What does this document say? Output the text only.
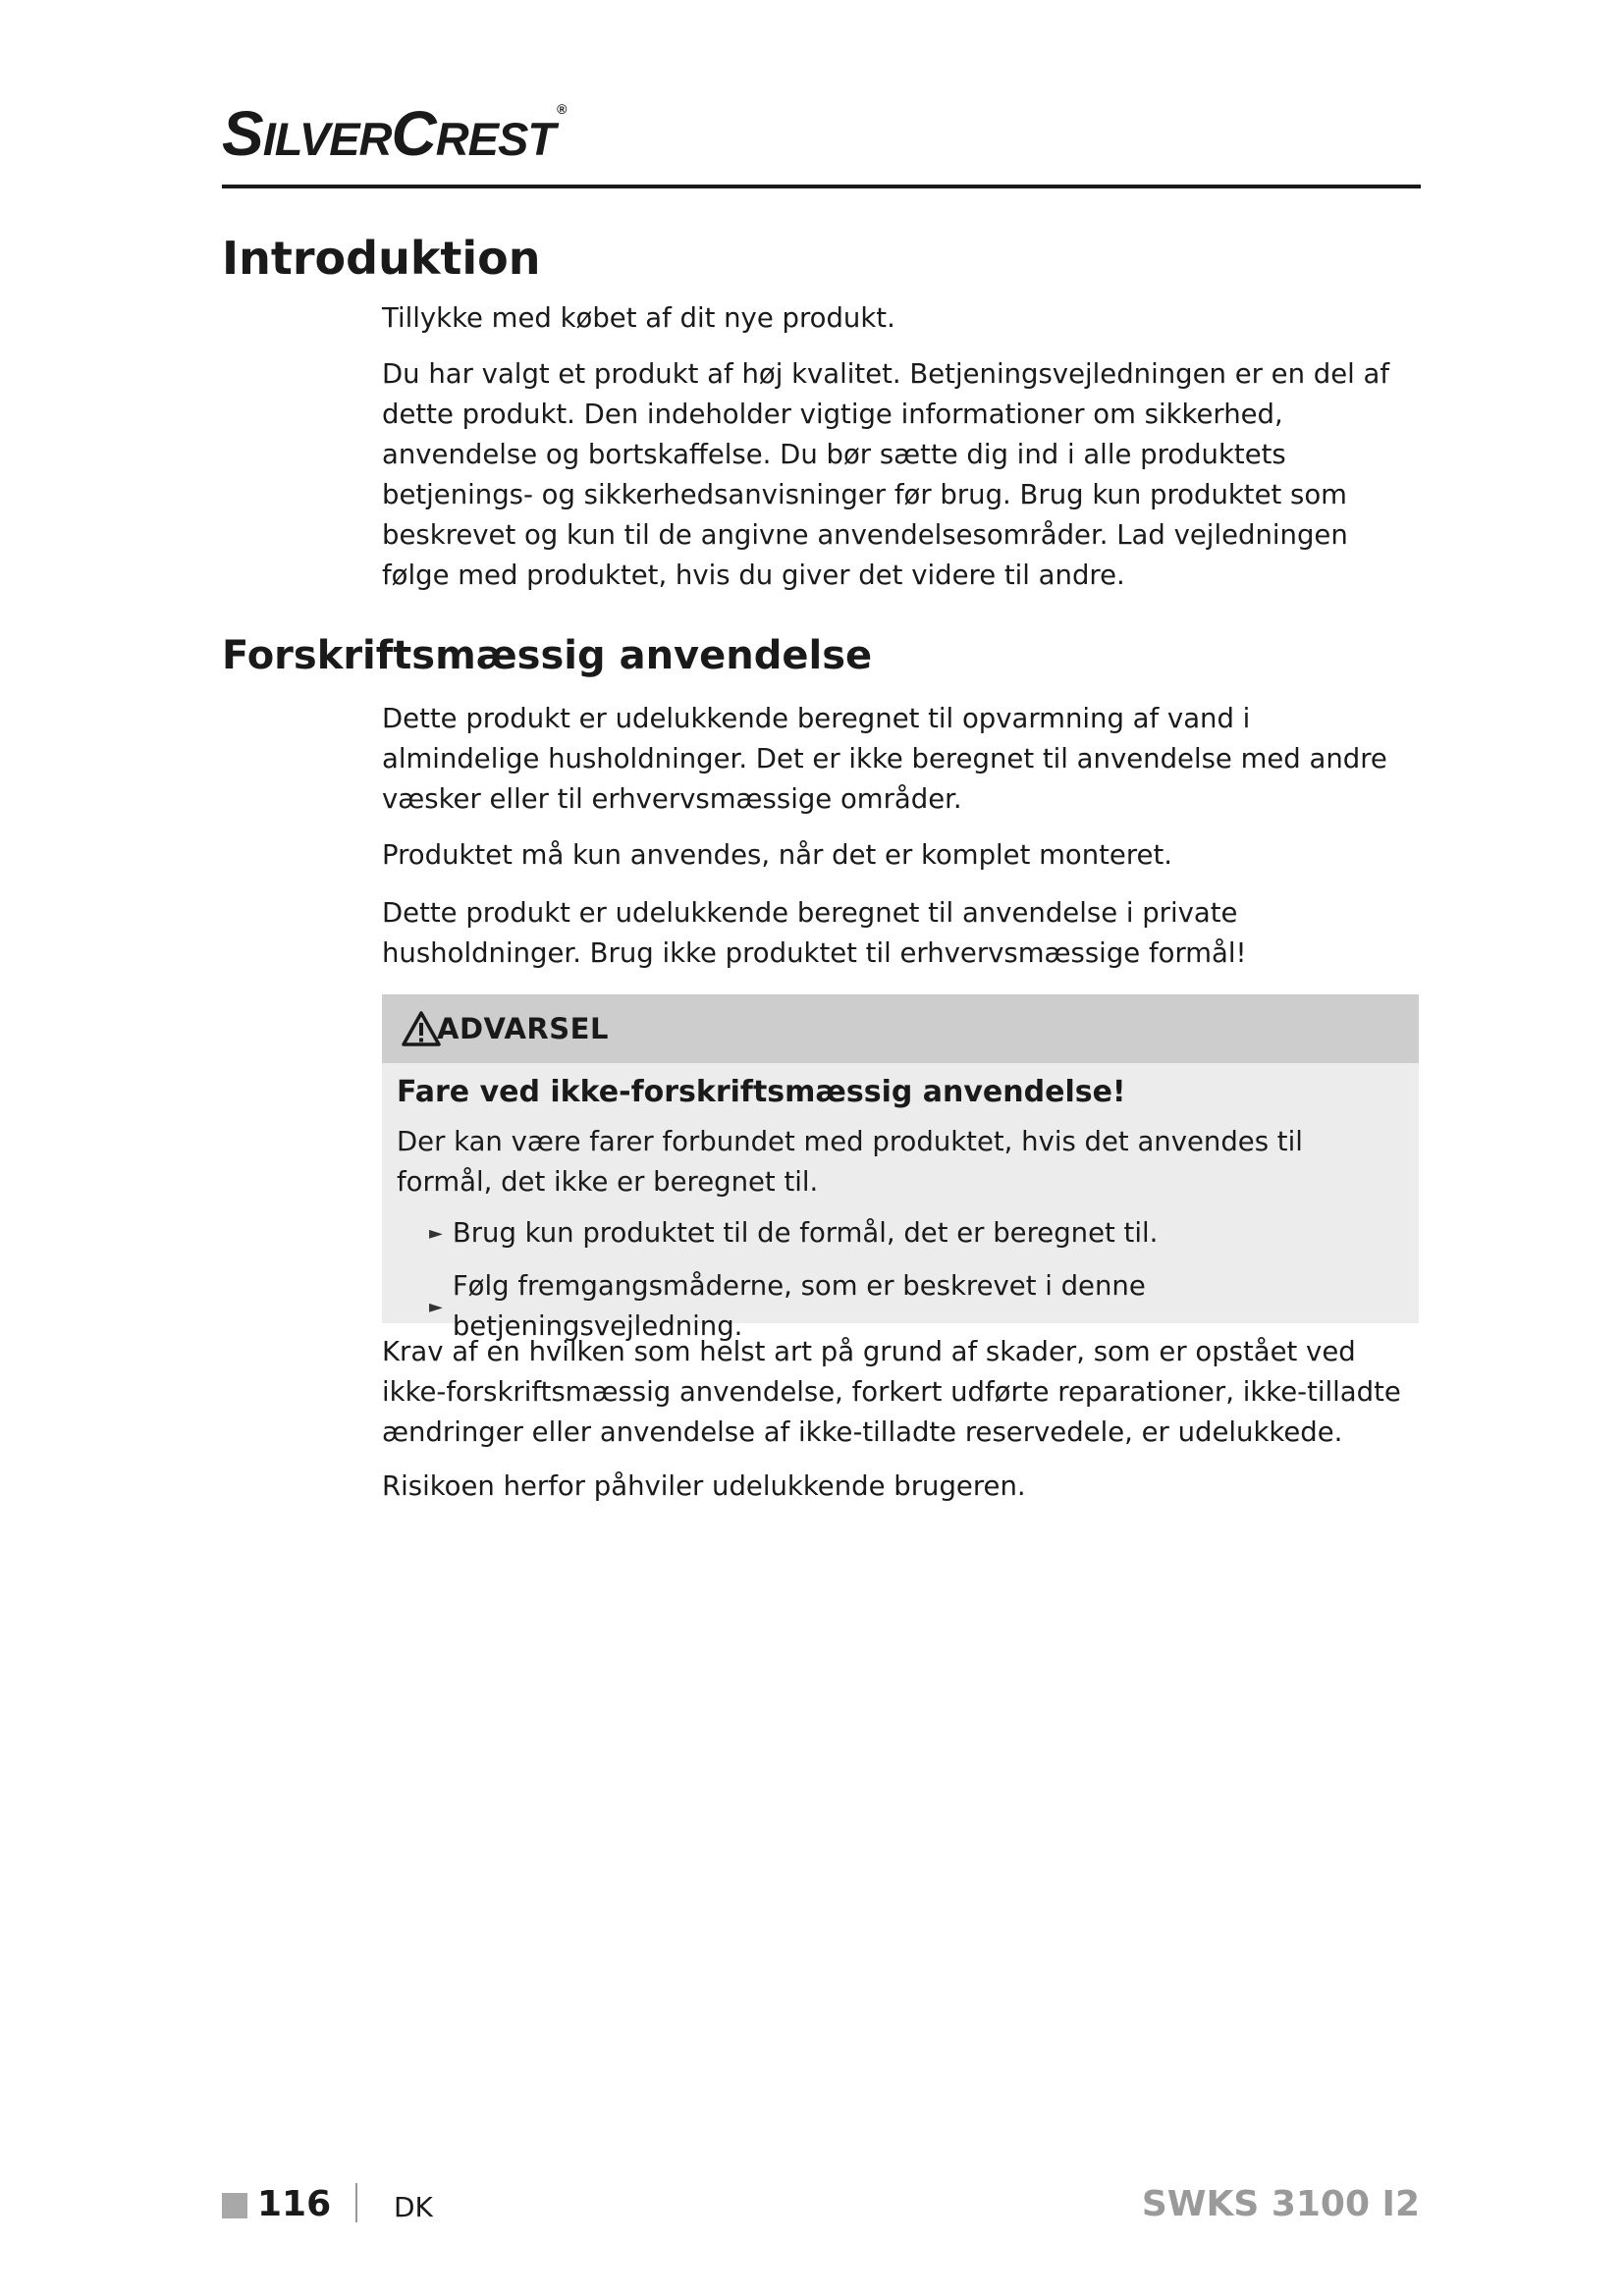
SILVERCREST®
Introduktion

Tillykke med købet af dit nye produkt.

Du har valgt et produkt af høj kvalitet. Betjeningsvejledningen er en del af dette produkt. Den indeholder vigtige informationer om sikkerhed, anvendelse og bortskaffelse. Du bør sætte dig ind i alle produktets betjenings- og sikkerhedsanvisninger før brug. Brug kun produktet som beskrevet og kun til de angivne anvendelsesområder. Lad vejledningen følge med produktet, hvis du giver det videre til andre.

Forskriftsmæssig anvendelse

Dette produkt er udelukkende beregnet til opvarmning af vand i almindelige husholdninger. Det er ikke beregnet til anvendelse med andre væsker eller til erhvervsmæssige områder.

Produktet må kun anvendes, når det er komplet monteret.

Dette produkt er udelukkende beregnet til anvendelse i private husholdninger. Brug ikke produktet til erhvervsmæssige formål!

ADVARSEL

Fare ved ikke-forskriftsmæssig anvendelse!

Der kan være farer forbundet med produktet, hvis det anvendes til formål, det ikke er beregnet til.

► Brug kun produktet til de formål, det er beregnet til.

►
Følg fremgangsmåderne, som er beskrevet i denne betjeningsvejledning.

Krav af en hvilken som helst art på grund af skader, som er opstået ved ikke-forskriftsmæssig anvendelse, forkert udførte reparationer, ikke-tilladte ændringer eller anvendelse af ikke-tilladte reservedele, er udelukkede.

Risikoen herfor påhviler udelukkende brugeren.

116 DK	SWKS 3100 I2
